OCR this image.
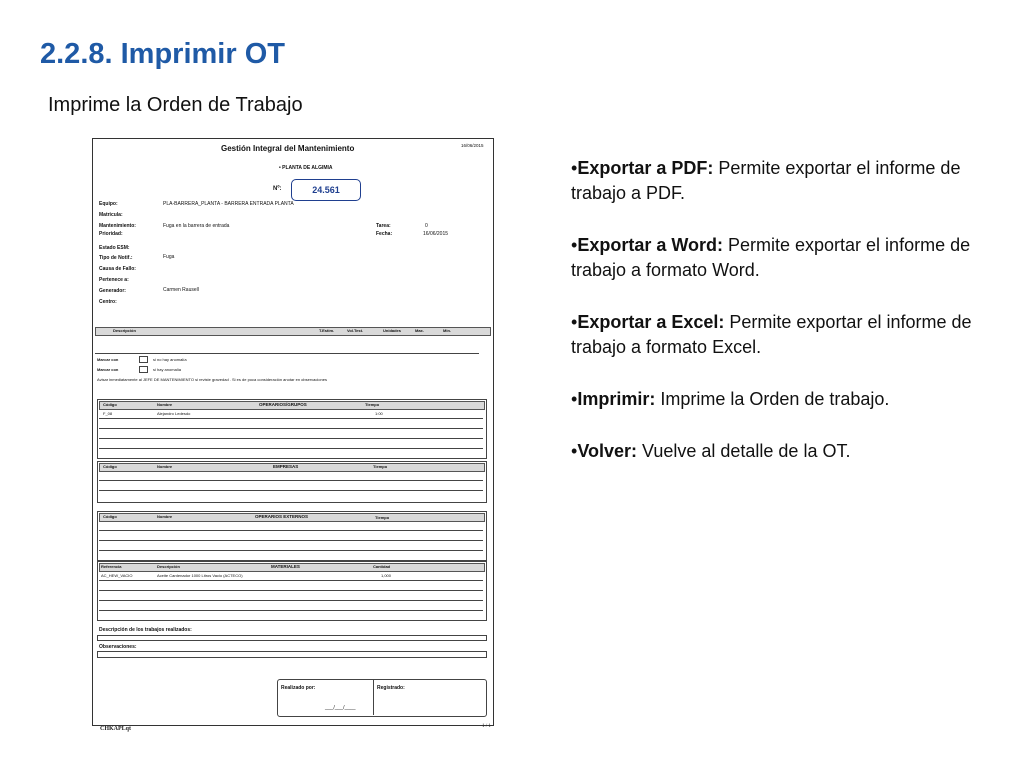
2.2.8. Imprimir OT
Imprime la Orden de Trabajo
•Exportar a PDF: Permite exportar el informe de trabajo a PDF.
•Exportar a Word: Permite exportar el informe de trabajo a formato Word.
•Exportar a Excel: Permite exportar el informe de trabajo a formato Excel.
•Imprimir: Imprime la Orden de trabajo.
•Volver: Vuelve al detalle de la OT.
Gestión Integral del Mantenimiento	16/06/2015
• PLANTA DE ALGIMIA
Nº:	24.561
Equipo:	PLA-BARRERA_PLANTA - BARRERA ENTRADA PLANTA
Matricula:
Mantenimiento:	Fuga en la barrera de entrada
Prioridad:
Tarea:	0
Fecha:	16/06/2015
Estado ESM:
Tipo de Notif.:	Fuga
Causa de Fallo:
Pertenece a:
Generador:	Carmen Rausell
Centro:
Descripción	T.Estim.	Vol.Test.	Unidades	Max.	Min.
Marcar con	si no hay anomalía
Marcar con	si hay anomalía
Avisar inmediatamente al JEFE DE MANTENIMIENTO si reviste gravedad . Si es de poca consideración anotar en observaciones
Código	Nombre	OPERARIOS/GRUPOS	Tiempo
F_08	Alejandro Ledesdo	1:00
Código	Nombre	EMPRESAS	Tiempo
Código	Nombre	OPERARIOS EXTERNOS	Tiempo
Referencia	Descripción	MATERIALES	Cantidad
AC_HEW_VACIO	Aceite Cardenador 1000 Litros Vacio (ACTECO)	1,000
Descripción de los trabajos realizados:
Observaciones:
Realizado por:	Registrado:
___/___/____
CHKAPLqt	1 / 1
